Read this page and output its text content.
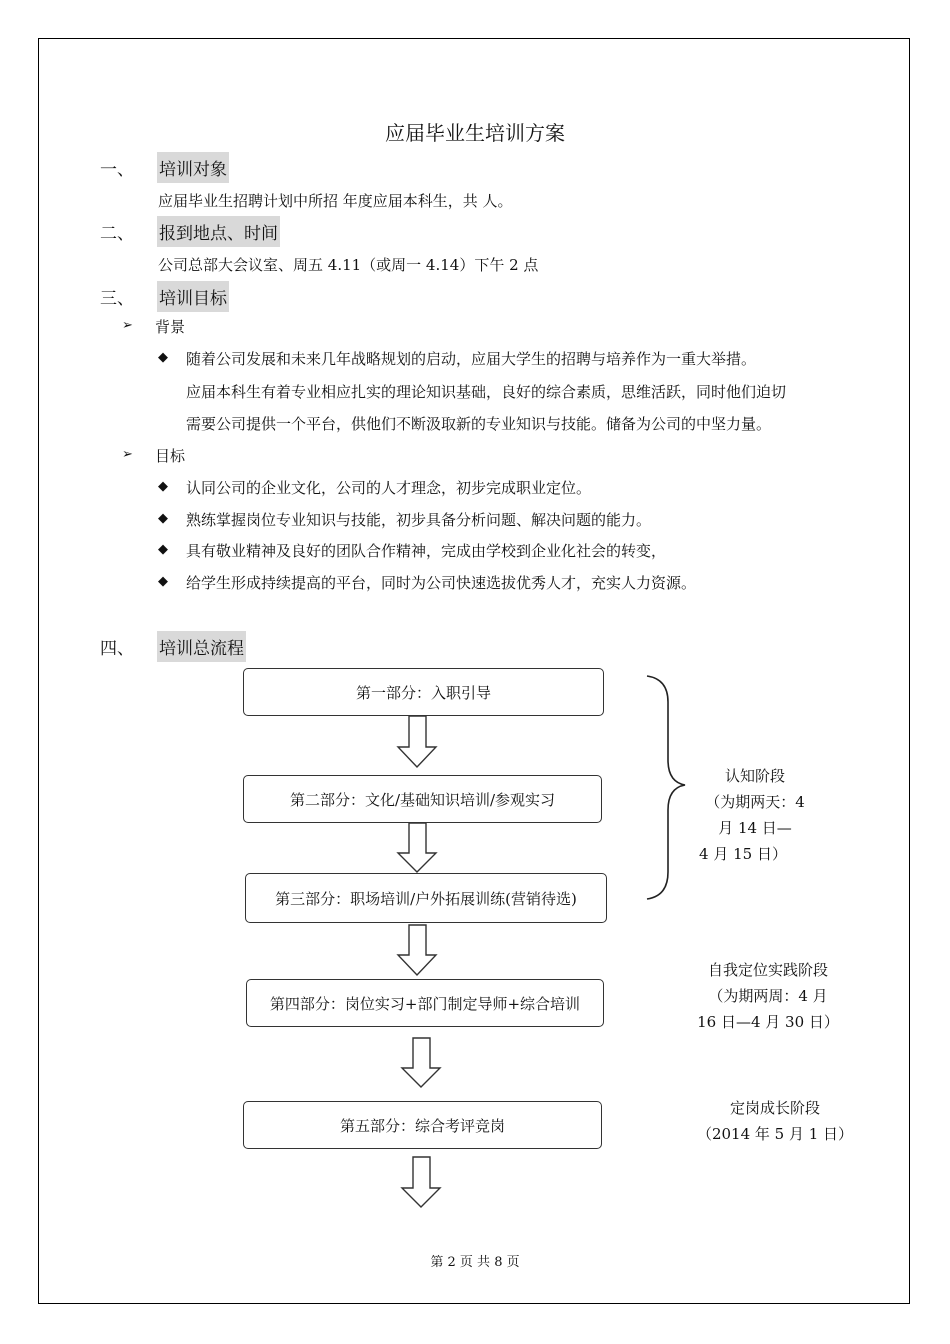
应届毕业生培训方案
一、 培训对象
应届毕业生招聘计划中所招 年度应届本科生，共 人。
二、 报到地点、时间
公司总部大会议室、周五 4.11（或周一 4.14）下午 2 点
三、 培训目标
➢ 背景
◆ 随着公司发展和未来几年战略规划的启动，应届大学生的招聘与培养作为一重大举措。
应届本科生有着专业相应扎实的理论知识基础，良好的综合素质，思维活跃，同时他们迫切
需要公司提供一个平台，供他们不断汲取新的专业知识与技能。储备为公司的中坚力量。
➢ 目标
◆ 认同公司的企业文化，公司的人才理念，初步完成职业定位。
◆ 熟练掌握岗位专业知识与技能，初步具备分析问题、解决问题的能力。
◆ 具有敬业精神及良好的团队合作精神，完成由学校到企业化社会的转变，
◆ 给学生形成持续提高的平台，同时为公司快速选拔优秀人才，充实人力资源。
四、 培训总流程
第一部分：入职引导
第二部分：文化/基础知识培训/参观实习
第三部分：职场培训/户外拓展训练(营销待选)
第四部分：岗位实习+部门制定导师+综合培训
第五部分：综合考评竞岗
认知阶段
（为期两天：4
月 14 日—
4 月 15 日）
自我定位实践阶段
（为期两周：4 月
16 日—4 月 30 日）
定岗成长阶段
（2014 年 5 月 1 日）
第 2 页 共 8 页
